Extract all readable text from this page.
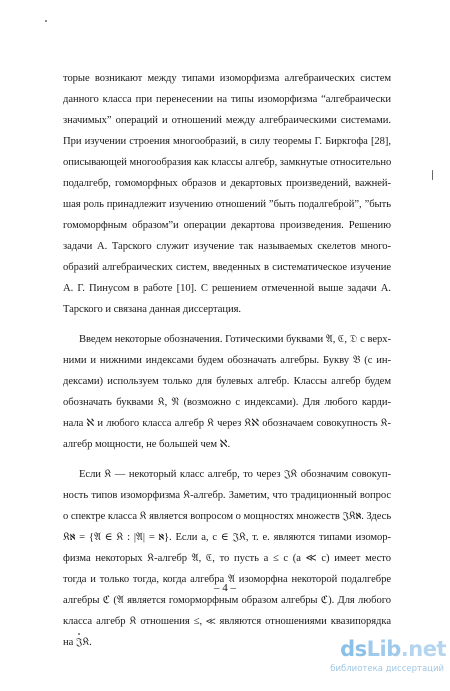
торые возникают между типами изоморфизма алгебраических систем
данного класса при перенесении на типы изоморфизма “алгебраически
значимых” операций и отношений между алгебраическими системами.
При изучении строения многообразий, в силу теоремы Г. Биркгофа [28],
описывающей многообразия как классы алгебр, замкнутые относительно
подалгебр, гомоморфных образов и декартовых произведений, важней-
шая роль принадлежит изучению отношений ”быть подалгеброй”, ”быть
гомоморфным образом”и операции декартова произведения. Решению
задачи А. Тарского служит изучение так называемых скелетов много-
образий алгебраических систем, введенных в систематическое изучение
А. Г. Пинусом в работе [10]. С решением отмеченной выше задачи А.
Тарского и связана данная диссертация.
Введем некоторые обозначения. Готическими буквами 𝔄, ℭ, 𝔇 с верх-
ними и нижними индексами будем обозначать алгебры. Букву 𝔅 (с ин-
дексами) используем только для булевых алгебр. Классы алгебр будем
обозначать буквами 𝔎, 𝔑 (возможно с индексами). Для любого карди-
нала ℵ и любого класса алгебр 𝔎 через 𝔎ℵ обозначаем совокупность 𝔎-
алгебр мощности, не большей чем ℵ.
Если 𝔎 — некоторый класс алгебр, то через 𝔍𝔎 обозначим совокуп-
ность типов изоморфизма 𝔎-алгебр. Заметим, что традиционный вопрос
о спектре класса 𝔎 является вопросом о мощностях множеств 𝔍𝔎ℵ. Здесь
𝔎ℵ = {𝔄 ∈ 𝔎 : |𝔄| = ℵ}. Если a, c ∈ 𝔍𝔎, т. е. являются типами изомор-
физма некоторых 𝔎-алгебр 𝔄, ℭ, то пусть a ≤ c (a ≪ c) имеет место
тогда и только тогда, когда алгебра 𝔄 изоморфна некоторой подалгебре
алгебры ℭ (𝔄 является гоморморфным образом алгебры ℭ). Для любого
класса алгебр 𝔎 отношения ≤, ≪ являются отношениями квазипорядка
на 𝔍𝔎.
– 4 –
dsLib.net
библиотека диссертаций
